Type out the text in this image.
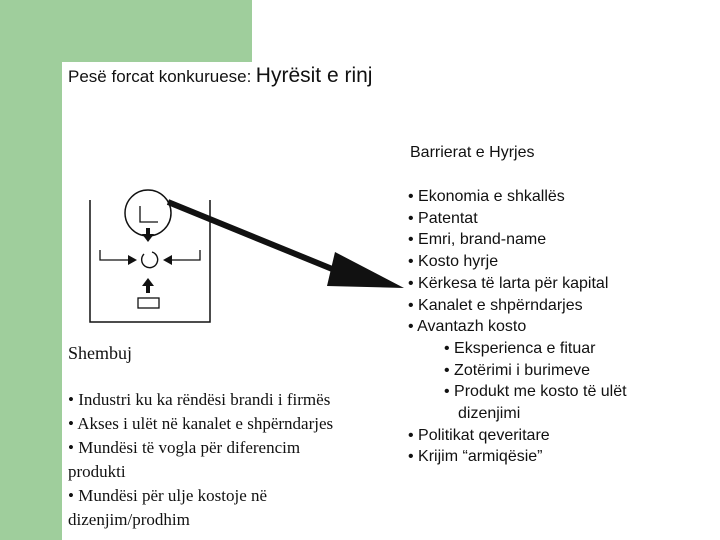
Pesë forcat konkuruese: Hyrësit e rinj
Barrierat e Hyrjes
• Ekonomia e shkallës
• Patentat
• Emri, brand-name
• Kosto hyrje
• Kërkesa të larta për kapital
• Kanalet e shpërndarjes
• Avantazh kosto
• Eksperienca e fituar
• Zotërimi i burimeve
• Produkt me kosto të ulët
dizenjimi
• Politikat qeveritare
• Krijim “armiqësie”
Shembuj
• Industri ku ka rëndësi brandi i firmës
• Akses i ulët në kanalet e shpërndarjes
• Mundësi të vogla për diferencim
produkti
• Mundësi për ulje kostoje në
dizenjim/prodhim
